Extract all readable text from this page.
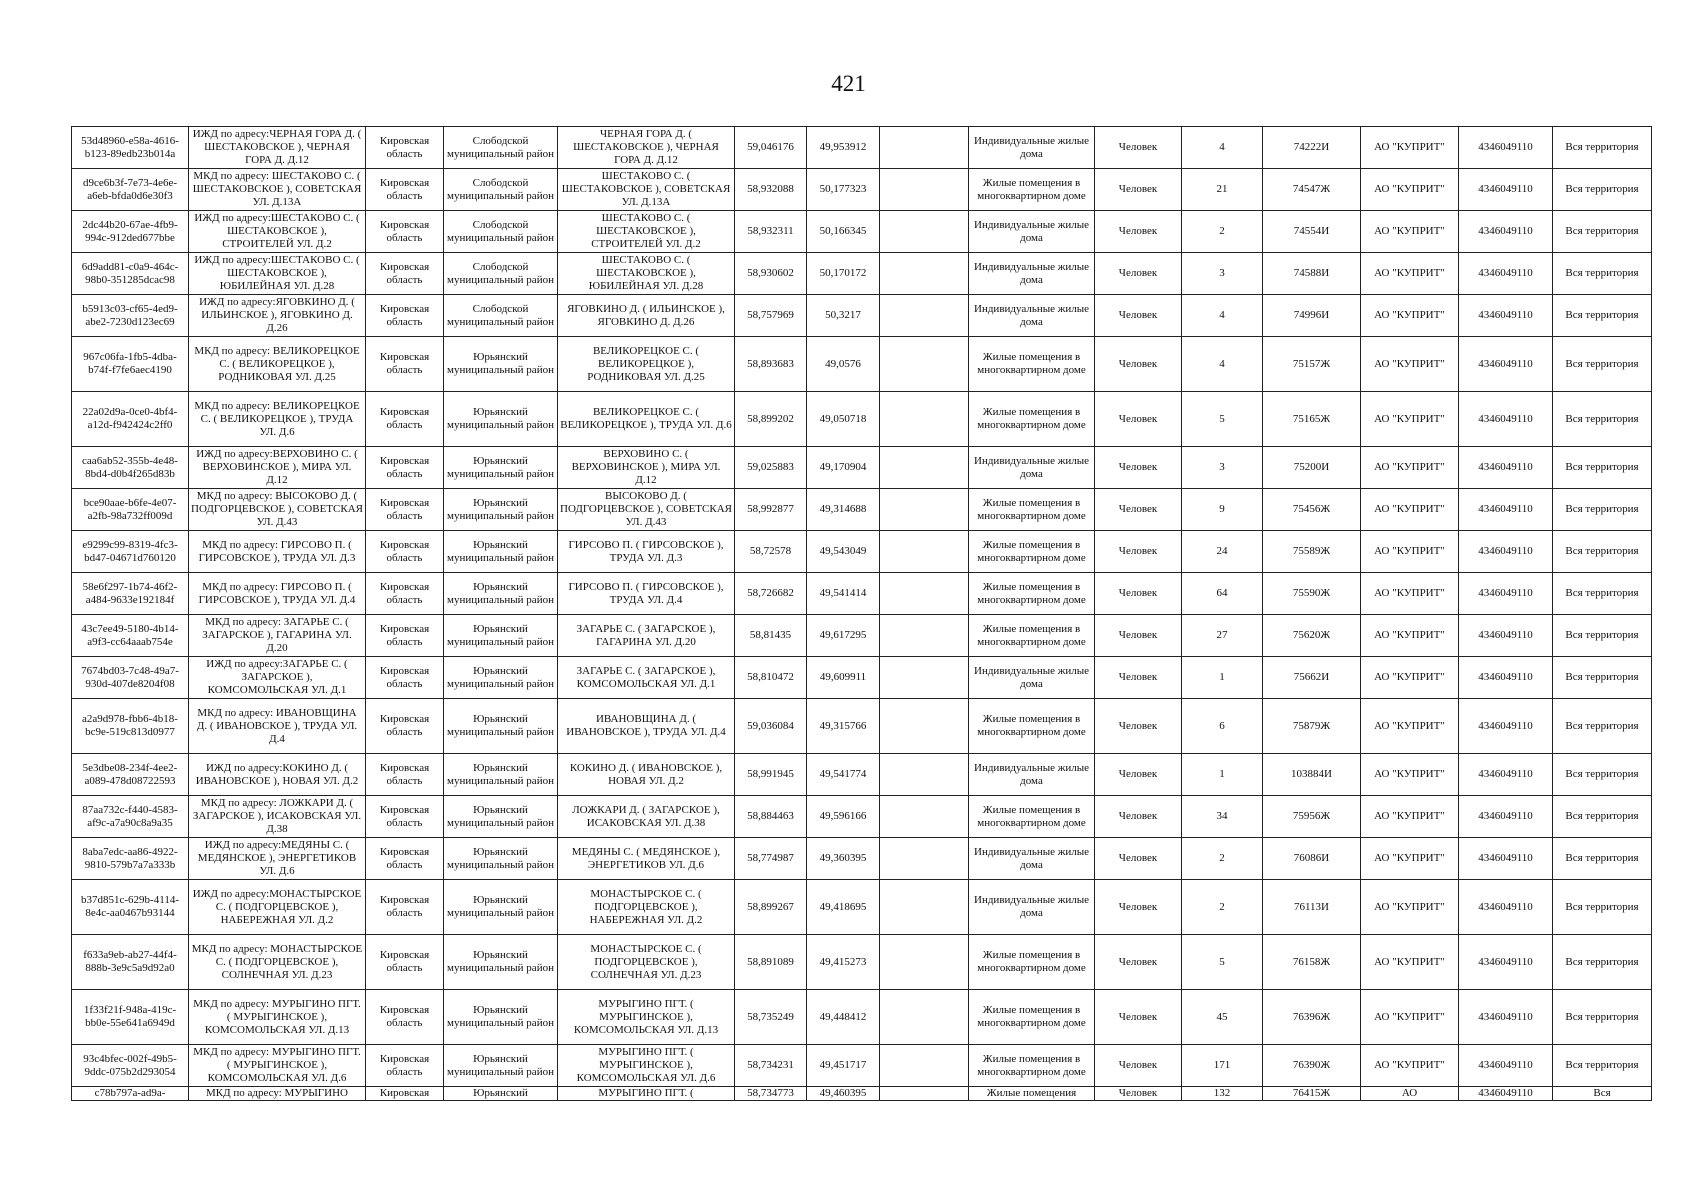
421
53d48960-e58a-4616-b123-89edb23b014a	ИЖД по адресу:ЧЕРНАЯ ГОРА Д. ( ШЕСТАКОВСКОЕ ), ЧЕРНАЯ ГОРА Д. Д.12	Кировская область	Слободской муниципальный район	ЧЕРНАЯ ГОРА Д. ( ШЕСТАКОВСКОЕ ), ЧЕРНАЯ ГОРА Д. Д.12	59,046176	49,953912		Индивидуальные жилые дома	Человек	4	74222И	АО "КУПРИТ"	4346049110	Вся территория
d9ce6b3f-7e73-4e6e-a6eb-bfda0d6e30f3	МКД по адресу: ШЕСТАКОВО С. ( ШЕСТАКОВСКОЕ ), СОВЕТСКАЯ УЛ. Д.13А	Кировская область	Слободской муниципальный район	ШЕСТАКОВО С. ( ШЕСТАКОВСКОЕ ), СОВЕТСКАЯ УЛ. Д.13А	58,932088	50,177323		Жилые помещения в многоквартирном доме	Человек	21	74547Ж	АО "КУПРИТ"	4346049110	Вся территория
2dc44b20-67ae-4fb9-994c-912ded677bbe	ИЖД по адресу:ШЕСТАКОВО С. ( ШЕСТАКОВСКОЕ ), СТРОИТЕЛЕЙ УЛ. Д.2	Кировская область	Слободской муниципальный район	ШЕСТАКОВО С. ( ШЕСТАКОВСКОЕ ), СТРОИТЕЛЕЙ УЛ. Д.2	58,932311	50,166345		Индивидуальные жилые дома	Человек	2	74554И	АО "КУПРИТ"	4346049110	Вся территория
6d9add81-c0a9-464c-98b0-351285dcac98	ИЖД по адресу:ШЕСТАКОВО С. ( ШЕСТАКОВСКОЕ ), ЮБИЛЕЙНАЯ УЛ. Д.28	Кировская область	Слободской муниципальный район	ШЕСТАКОВО С. ( ШЕСТАКОВСКОЕ ), ЮБИЛЕЙНАЯ УЛ. Д.28	58,930602	50,170172		Индивидуальные жилые дома	Человек	3	74588И	АО "КУПРИТ"	4346049110	Вся территория
b5913c03-cf65-4ed9-abe2-7230d123ec69	ИЖД по адресу:ЯГОВКИНО Д. ( ИЛЬИНСКОЕ ), ЯГОВКИНО Д. Д.26	Кировская область	Слободской муниципальный район	ЯГОВКИНО Д. ( ИЛЬИНСКОЕ ), ЯГОВКИНО Д. Д.26	58,757969	50,3217		Индивидуальные жилые дома	Человек	4	74996И	АО "КУПРИТ"	4346049110	Вся территория
967c06fa-1fb5-4dba-b74f-f7fe6aec4190	МКД по адресу: ВЕЛИКОРЕЦКОЕ С. ( ВЕЛИКОРЕЦКОЕ ), РОДНИКОВАЯ УЛ. Д.25	Кировская область	Юрьянский муниципальный район	ВЕЛИКОРЕЦКОЕ С. ( ВЕЛИКОРЕЦКОЕ ), РОДНИКОВАЯ УЛ. Д.25	58,893683	49,0576		Жилые помещения в многоквартирном доме	Человек	4	75157Ж	АО "КУПРИТ"	4346049110	Вся территория
22a02d9a-0ce0-4bf4-a12d-f942424c2ff0	МКД по адресу: ВЕЛИКОРЕЦКОЕ С. ( ВЕЛИКОРЕЦКОЕ ), ТРУДА УЛ. Д.6	Кировская область	Юрьянский муниципальный район	ВЕЛИКОРЕЦКОЕ С. ( ВЕЛИКОРЕЦКОЕ ), ТРУДА УЛ. Д.6	58,899202	49,050718		Жилые помещения в многоквартирном доме	Человек	5	75165Ж	АО "КУПРИТ"	4346049110	Вся территория
caa6ab52-355b-4e48-8bd4-d0b4f265d83b	ИЖД по адресу:ВЕРХОВИНО С. ( ВЕРХОВИНСКОЕ ), МИРА УЛ. Д.12	Кировская область	Юрьянский муниципальный район	ВЕРХОВИНО С. ( ВЕРХОВИНСКОЕ ), МИРА УЛ. Д.12	59,025883	49,170904		Индивидуальные жилые дома	Человек	3	75200И	АО "КУПРИТ"	4346049110	Вся территория
bce90aae-b6fe-4e07-a2fb-98a732ff009d	МКД по адресу: ВЫСОКОВО Д. ( ПОДГОРЦЕВСКОЕ ), СОВЕТСКАЯ УЛ. Д.43	Кировская область	Юрьянский муниципальный район	ВЫСОКОВО Д. ( ПОДГОРЦЕВСКОЕ ), СОВЕТСКАЯ УЛ. Д.43	58,992877	49,314688		Жилые помещения в многоквартирном доме	Человек	9	75456Ж	АО "КУПРИТ"	4346049110	Вся территория
e9299c99-8319-4fc3-bd47-04671d760120	МКД по адресу: ГИРСОВО П. ( ГИРСОВСКОЕ ), ТРУДА УЛ. Д.3	Кировская область	Юрьянский муниципальный район	ГИРСОВО П. ( ГИРСОВСКОЕ ), ТРУДА УЛ. Д.3	58,72578	49,543049		Жилые помещения в многоквартирном доме	Человек	24	75589Ж	АО "КУПРИТ"	4346049110	Вся территория
58e6f297-1b74-46f2-a484-9633e192184f	МКД по адресу: ГИРСОВО П. ( ГИРСОВСКОЕ ), ТРУДА УЛ. Д.4	Кировская область	Юрьянский муниципальный район	ГИРСОВО П. ( ГИРСОВСКОЕ ), ТРУДА УЛ. Д.4	58,726682	49,541414		Жилые помещения в многоквартирном доме	Человек	64	75590Ж	АО "КУПРИТ"	4346049110	Вся территория
43c7ee49-5180-4b14-a9f3-cc64aaab754e	МКД по адресу: ЗАГАРЬЕ С. ( ЗАГАРСКОЕ ), ГАГАРИНА УЛ. Д.20	Кировская область	Юрьянский муниципальный район	ЗАГАРЬЕ С. ( ЗАГАРСКОЕ ), ГАГАРИНА УЛ. Д.20	58,81435	49,617295		Жилые помещения в многоквартирном доме	Человек	27	75620Ж	АО "КУПРИТ"	4346049110	Вся территория
7674bd03-7c48-49a7-930d-407de8204f08	ИЖД по адресу:ЗАГАРЬЕ С. ( ЗАГАРСКОЕ ), КОМСОМОЛЬСКАЯ УЛ. Д.1	Кировская область	Юрьянский муниципальный район	ЗАГАРЬЕ С. ( ЗАГАРСКОЕ ), КОМСОМОЛЬСКАЯ УЛ. Д.1	58,810472	49,609911		Индивидуальные жилые дома	Человек	1	75662И	АО "КУПРИТ"	4346049110	Вся территория
a2a9d978-fbb6-4b18-bc9e-519c813d0977	МКД по адресу: ИВАНОВЩИНА Д. ( ИВАНОВСКОЕ ), ТРУДА УЛ. Д.4	Кировская область	Юрьянский муниципальный район	ИВАНОВЩИНА Д. ( ИВАНОВСКОЕ ), ТРУДА УЛ. Д.4	59,036084	49,315766		Жилые помещения в многоквартирном доме	Человек	6	75879Ж	АО "КУПРИТ"	4346049110	Вся территория
5e3dbe08-234f-4ee2-a089-478d08722593	ИЖД по адресу:КОКИНО Д. ( ИВАНОВСКОЕ ), НОВАЯ УЛ. Д.2	Кировская область	Юрьянский муниципальный район	КОКИНО Д. ( ИВАНОВСКОЕ ), НОВАЯ УЛ. Д.2	58,991945	49,541774		Индивидуальные жилые дома	Человек	1	103884И	АО "КУПРИТ"	4346049110	Вся территория
87aa732c-f440-4583-af9c-a7a90c8a9a35	МКД по адресу: ЛОЖКАРИ Д. ( ЗАГАРСКОЕ ), ИСАКОВСКАЯ УЛ. Д.38	Кировская область	Юрьянский муниципальный район	ЛОЖКАРИ Д. ( ЗАГАРСКОЕ ), ИСАКОВСКАЯ УЛ. Д.38	58,884463	49,596166		Жилые помещения в многоквартирном доме	Человек	34	75956Ж	АО "КУПРИТ"	4346049110	Вся территория
8aba7edc-aa86-4922-9810-579b7a7a333b	ИЖД по адресу:МЕДЯНЫ С. ( МЕДЯНСКОЕ ), ЭНЕРГЕТИКОВ УЛ. Д.6	Кировская область	Юрьянский муниципальный район	МЕДЯНЫ С. ( МЕДЯНСКОЕ ), ЭНЕРГЕТИКОВ УЛ. Д.6	58,774987	49,360395		Индивидуальные жилые дома	Человек	2	76086И	АО "КУПРИТ"	4346049110	Вся территория
b37d851c-629b-4114-8e4c-aa0467b93144	ИЖД по адресу:МОНАСТЫРСКОЕ С. ( ПОДГОРЦЕВСКОЕ ), НАБЕРЕЖНАЯ УЛ. Д.2	Кировская область	Юрьянский муниципальный район	МОНАСТЫРСКОЕ С. ( ПОДГОРЦЕВСКОЕ ), НАБЕРЕЖНАЯ УЛ. Д.2	58,899267	49,418695		Индивидуальные жилые дома	Человек	2	76113И	АО "КУПРИТ"	4346049110	Вся территория
f633a9eb-ab27-44f4-888b-3e9c5a9d92a0	МКД по адресу: МОНАСТЫРСКОЕ С. ( ПОДГОРЦЕВСКОЕ ), СОЛНЕЧНАЯ УЛ. Д.23	Кировская область	Юрьянский муниципальный район	МОНАСТЫРСКОЕ С. ( ПОДГОРЦЕВСКОЕ ), СОЛНЕЧНАЯ УЛ. Д.23	58,891089	49,415273		Жилые помещения в многоквартирном доме	Человек	5	76158Ж	АО "КУПРИТ"	4346049110	Вся территория
1f33f21f-948a-419c-bb0e-55e641a6949d	МКД по адресу: МУРЫГИНО ПГТ. ( МУРЫГИНСКОЕ ), КОМСОМОЛЬСКАЯ УЛ. Д.13	Кировская область	Юрьянский муниципальный район	МУРЫГИНО ПГТ. ( МУРЫГИНСКОЕ ), КОМСОМОЛЬСКАЯ УЛ. Д.13	58,735249	49,448412		Жилые помещения в многоквартирном доме	Человек	45	76396Ж	АО "КУПРИТ"	4346049110	Вся территория
93c4bfec-002f-49b5-9ddc-075b2d293054	МКД по адресу: МУРЫГИНО ПГТ. ( МУРЫГИНСКОЕ ), КОМСОМОЛЬСКАЯ УЛ. Д.6	Кировская область	Юрьянский муниципальный район	МУРЫГИНО ПГТ. ( МУРЫГИНСКОЕ ), КОМСОМОЛЬСКАЯ УЛ. Д.6	58,734231	49,451717		Жилые помещения в многоквартирном доме	Человек	171	76390Ж	АО "КУПРИТ"	4346049110	Вся территория
c78b797a-ad9a-	МКД по адресу: МУРЫГИНО	Кировская	Юрьянский	МУРЫГИНО ПГТ. (	58,734773	49,460395		Жилые помещения	Человек	132	76415Ж	АО	4346049110	Вся
